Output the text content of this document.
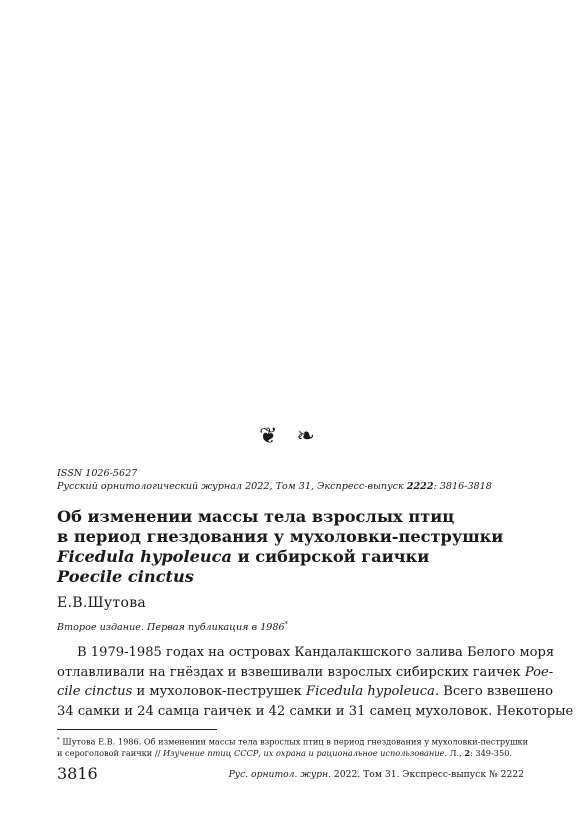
❦ ❧
ISSN 1026-5627
Русский орнитологический журнал 2022, Том 31, Экспресс-выпуск 2222: 3816-3818
Об изменении массы тела взрослых птиц
в период гнездования у мухоловки-пеструшки
Ficedula hypoleuca и сибирской гаички
Poecile cinctus
Е.В.Шутова
Второе издание. Первая публикация в 1986*
В 1979-1985 годах на островах Кандалакшского залива Белого моря
отлавливали на гнёздах и взвешивали взрослых сибирских гаичек Poe-
cile cinctus и мухоловок-пеструшек Ficedula hypoleuca. Всего взвешено
34 самки и 24 самца гаичек и 42 самки и 31 самец мухоловок. Некоторые
* Шутова Е.В. 1986. Об изменении массы тела взрослых птиц в период гнездования у мухоловки-пеструшки
и сероголовой гаички // Изучение птиц СССР, их охрана и рациональное использование. Л., 2: 349-350.
3816	Рус. орнитол. журн. 2022. Том 31. Экспресс-выпуск № 2222
